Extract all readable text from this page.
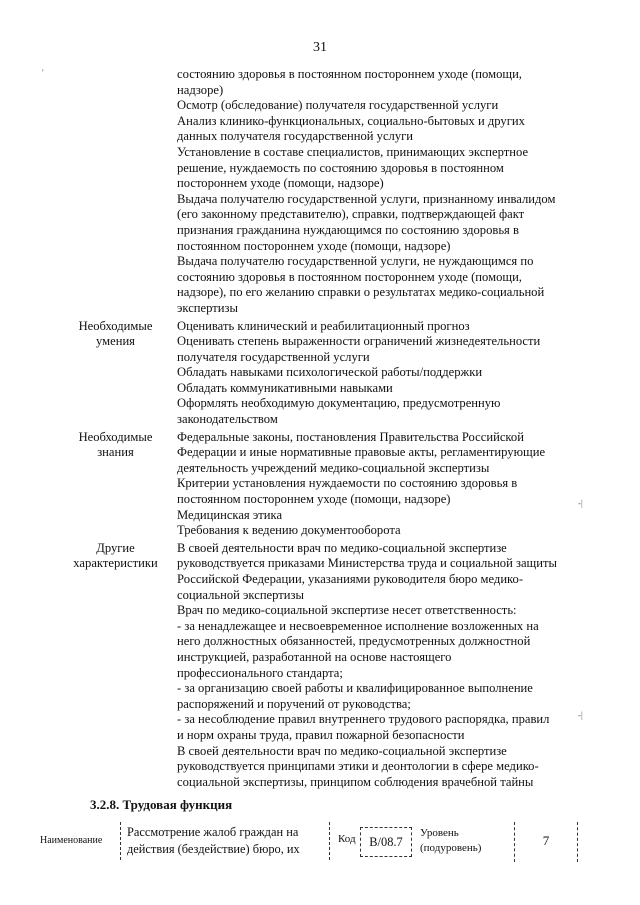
31
'
-|
-|
состоянию здоровья в постоянном постороннем уходе (помощи,
надзоре)
Осмотр (обследование) получателя государственной услуги
Анализ клинико-функциональных, социально-бытовых и других
данных получателя государственной услуги
Установление в составе специалистов, принимающих экспертное
решение, нуждаемость по состоянию здоровья в постоянном
постороннем уходе (помощи, надзоре)
Выдача получателю государственной услуги, признанному инвалидом
(его законному представителю), справки, подтверждающей факт
признания гражданина нуждающимся по состоянию здоровья в
постоянном постороннем уходе (помощи, надзоре)
Выдача получателю государственной услуги, не нуждающимся по
состоянию здоровья в постоянном постороннем уходе (помощи,
надзоре), по его желанию справки о результатах медико-социальной
экспертизы
Необходимые
умения
Оценивать клинический и реабилитационный прогноз
Оценивать степень выраженности ограничений жизнедеятельности
получателя государственной услуги
Обладать навыками психологической работы/поддержки
Обладать коммуникативными навыками
Оформлять необходимую документацию, предусмотренную
законодательством
Необходимые
знания
Федеральные законы, постановления Правительства Российской
Федерации и иные нормативные правовые акты, регламентирующие
деятельность учреждений медико-социальной экспертизы
Критерии установления нуждаемости по состоянию здоровья в
постоянном постороннем уходе (помощи, надзоре)
Медицинская этика
Требования к ведению документооборота
Другие
характеристики
В своей деятельности врач по медико-социальной экспертизе
руководствуется приказами Министерства труда и социальной защиты
Российской Федерации, указаниями руководителя бюро медико-
социальной экспертизы
Врач по медико-социальной экспертизе несет ответственность:
- за ненадлежащее и несвоевременное исполнение возложенных на
него должностных обязанностей, предусмотренных должностной
инструкцией, разработанной на основе настоящего
профессионального стандарта;
- за организацию своей работы и квалифицированное выполнение
распоряжений и поручений от руководства;
- за несоблюдение правил внутреннего трудового распорядка, правил
и норм охраны труда, правил пожарной безопасности
В своей деятельности врач по медико-социальной экспертизе
руководствуется принципами этики и деонтологии в сфере медико-
социальной экспертизы, принципом соблюдения врачебной тайны
3.2.8. Трудовая функция
Наименование
Рассмотрение жалоб граждан на
действия (бездействие) бюро, их
Код	B/08.7
Уровень
(подуровень)	7
